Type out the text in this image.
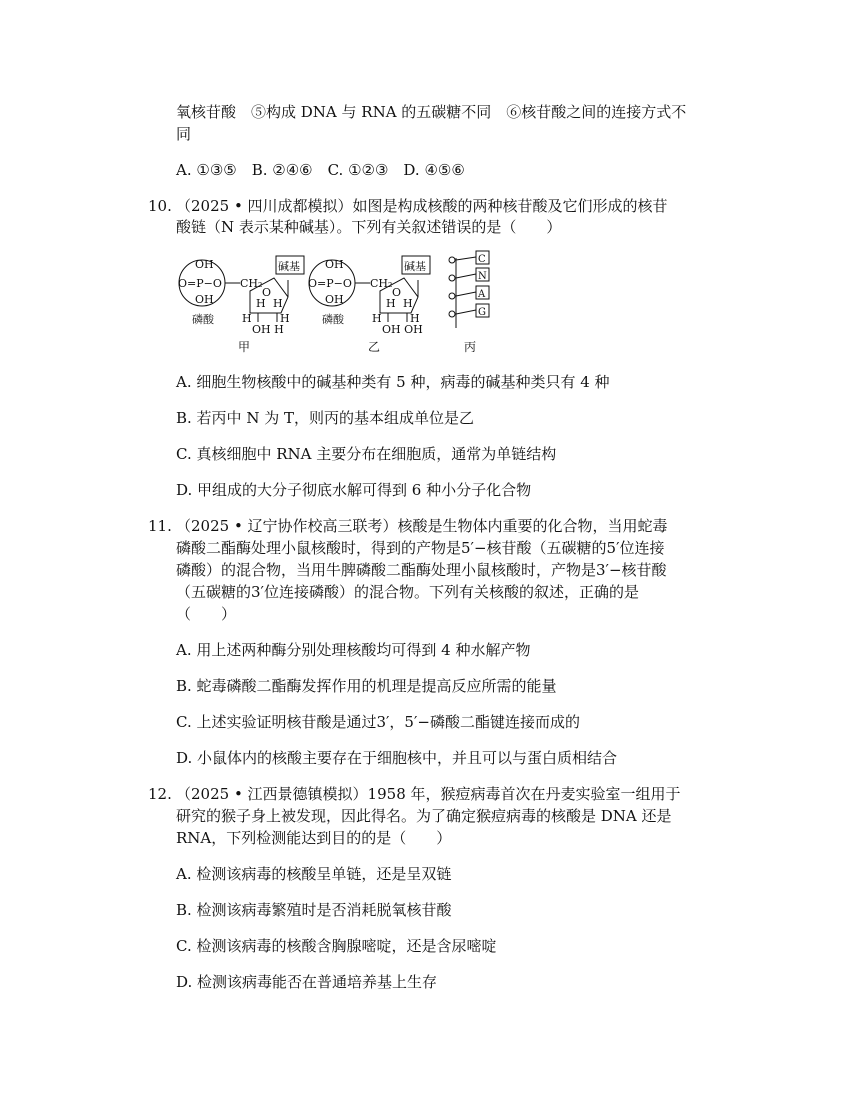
氧核苷酸　⑤构成 DNA 与 RNA 的五碳糖不同　⑥核苷酸之间的连接方式不
同
A. ①③⑤　B. ②④⑥　C. ①②③　D. ④⑤⑥
10. （2025 • 四川成都模拟）如图是构成核酸的两种核苷酸及它们形成的核苷
酸链（N 表示某种碱基）。下列有关叙述错误的是（　　）
OH
O=P−O
OH
CH₂
O
碱基
H H
H	H
OH H
磷酸
甲
OH
O=P−O
OH
CH₂
O
碱基
H H
H	H
OH OH
磷酸
乙
C
N
A
G
丙
A. 细胞生物核酸中的碱基种类有 5 种，病毒的碱基种类只有 4 种
B. 若丙中 N 为 T，则丙的基本组成单位是乙
C. 真核细胞中 RNA 主要分布在细胞质，通常为单链结构
D. 甲组成的大分子彻底水解可得到 6 种小分子化合物
11. （2025 • 辽宁协作校高三联考）核酸是生物体内重要的化合物，当用蛇毒
磷酸二酯酶处理小鼠核酸时，得到的产物是5′−核苷酸（五碳糖的5′位连接
磷酸）的混合物，当用牛脾磷酸二酯酶处理小鼠核酸时，产物是3′−核苷酸
（五碳糖的3′位连接磷酸）的混合物。下列有关核酸的叙述，正确的是
（　　）
A. 用上述两种酶分别处理核酸均可得到 4 种水解产物
B. 蛇毒磷酸二酯酶发挥作用的机理是提高反应所需的能量
C. 上述实验证明核苷酸是通过3′，5′−磷酸二酯键连接而成的
D. 小鼠体内的核酸主要存在于细胞核中，并且可以与蛋白质相结合
12. （2025 • 江西景德镇模拟）1958 年，猴痘病毒首次在丹麦实验室一组用于
研究的猴子身上被发现，因此得名。为了确定猴痘病毒的核酸是 DNA 还是
RNA，下列检测能达到目的的是（　　）
A. 检测该病毒的核酸呈单链，还是呈双链
B. 检测该病毒繁殖时是否消耗脱氧核苷酸
C. 检测该病毒的核酸含胸腺嘧啶，还是含尿嘧啶
D. 检测该病毒能否在普通培养基上生存
